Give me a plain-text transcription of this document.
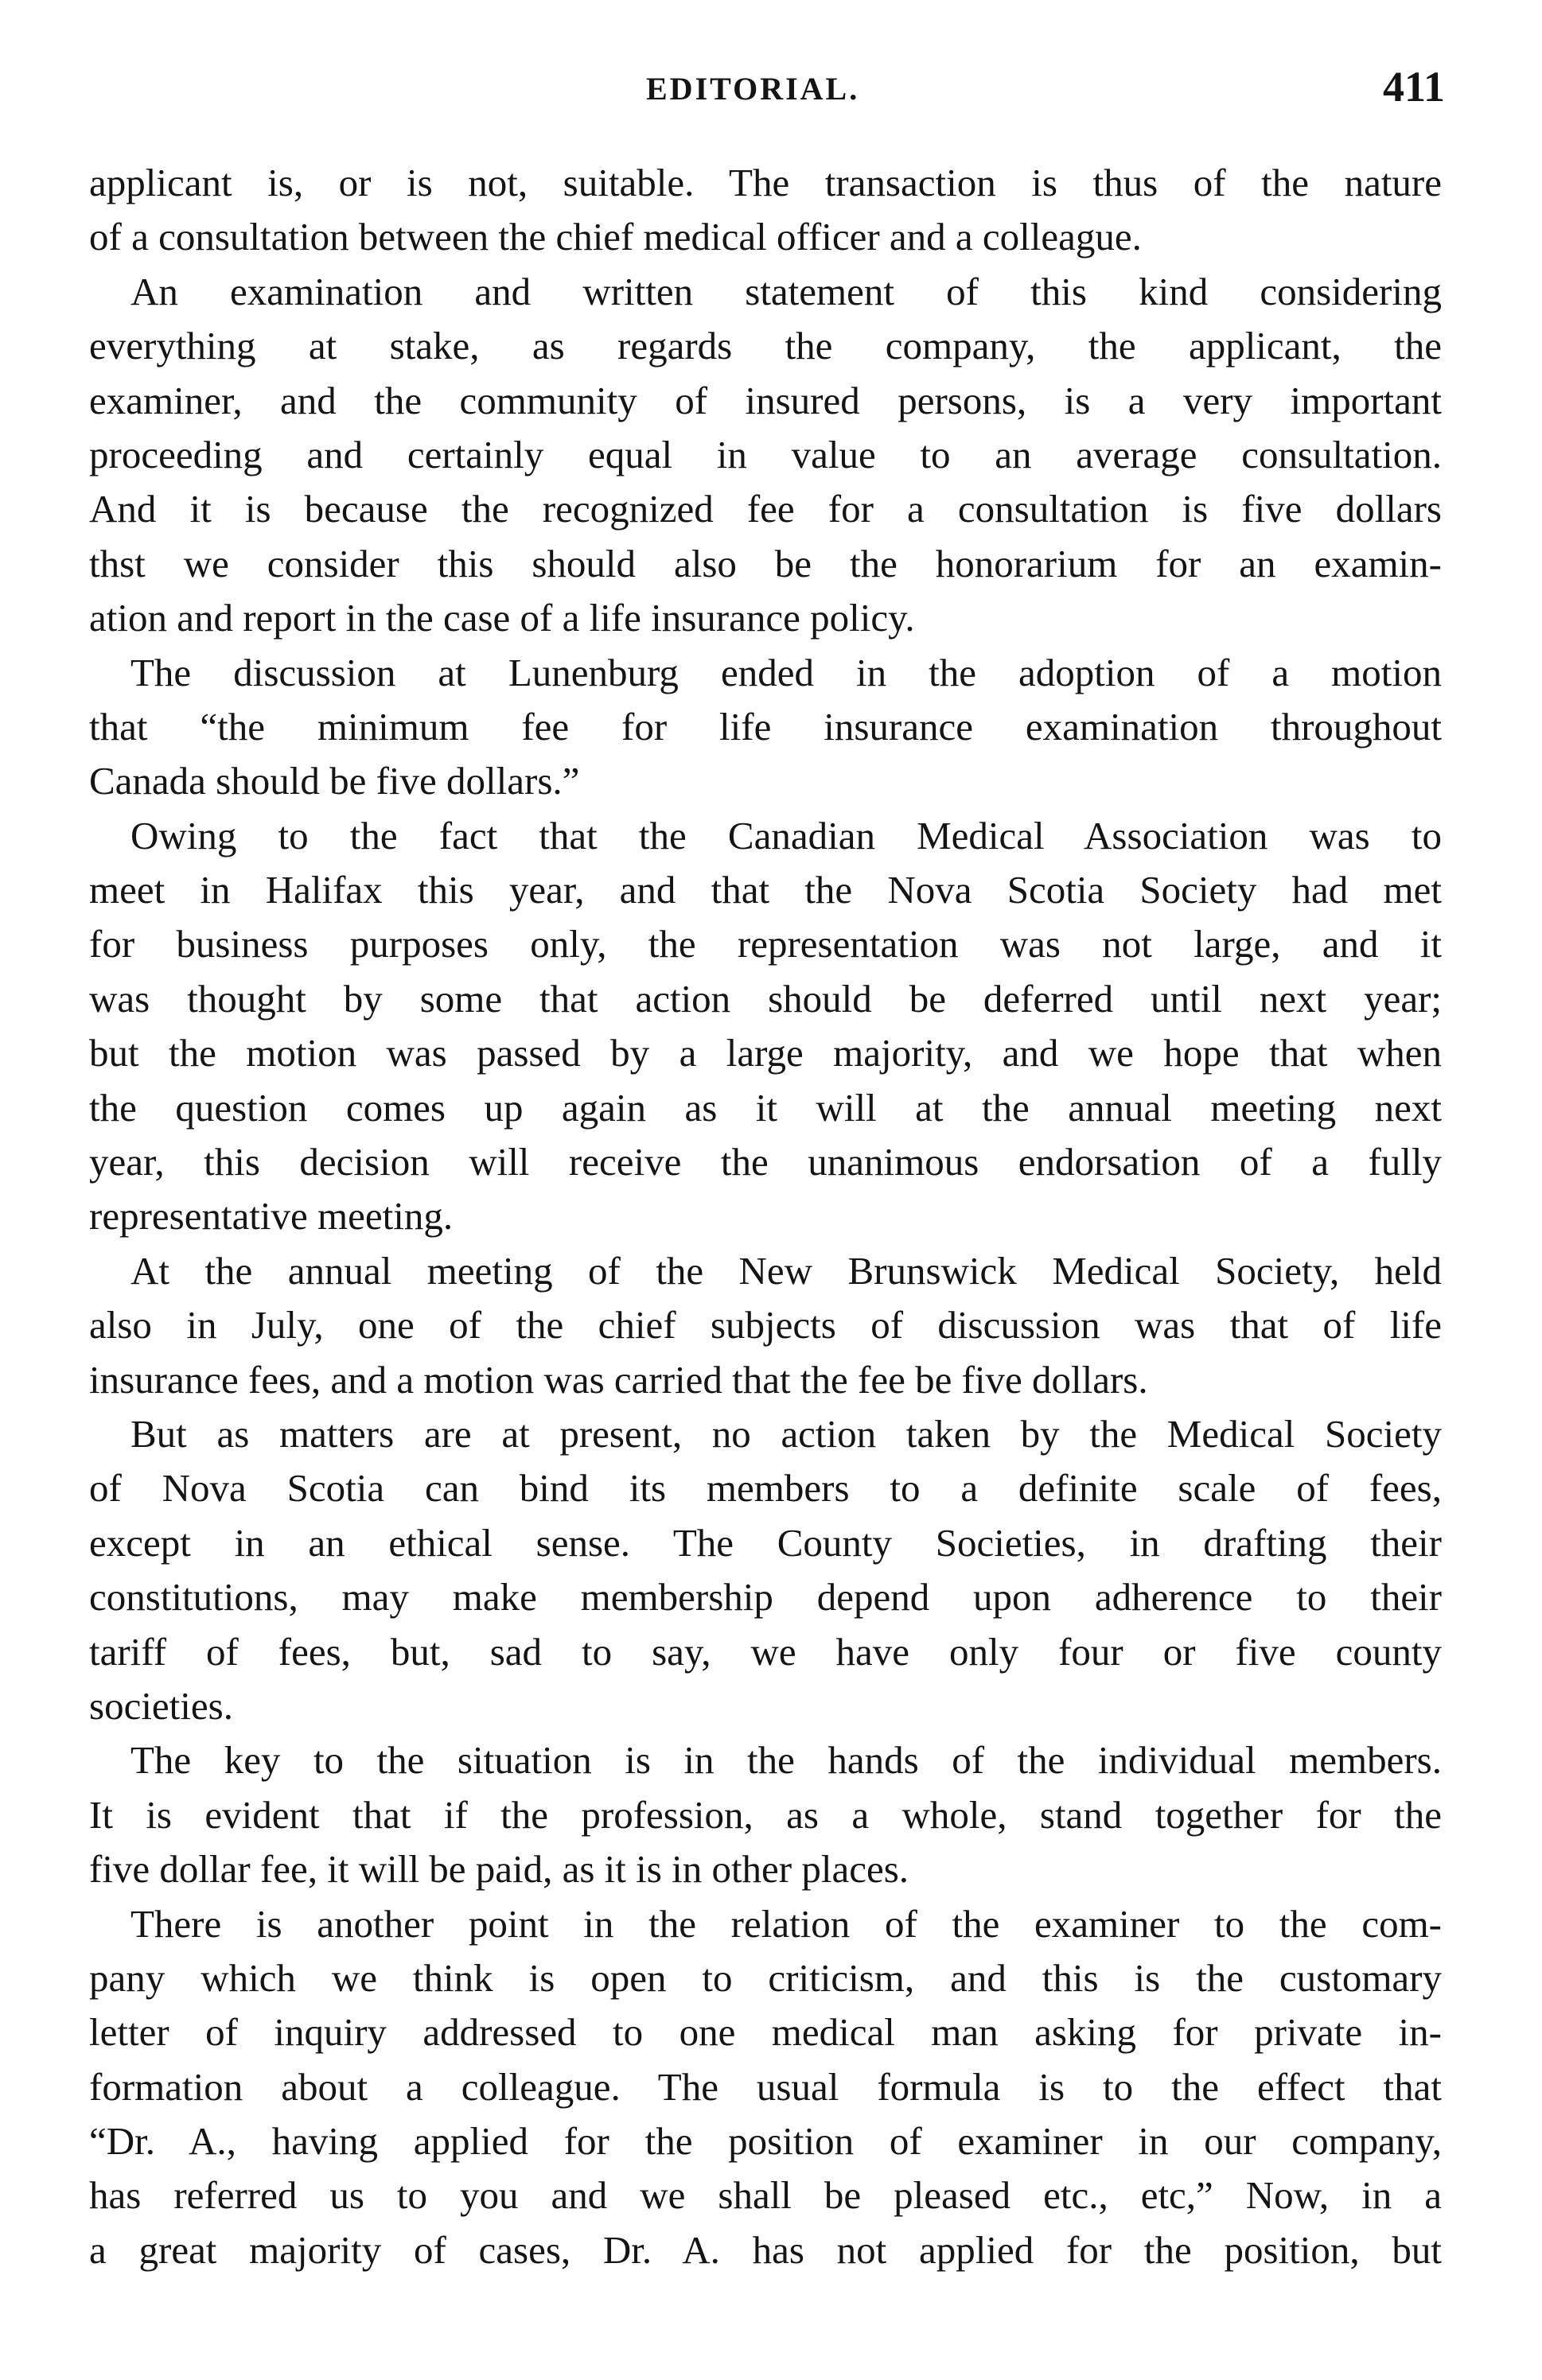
EDITORIAL.	411
applicant is, or is not, suitable. The transaction is thus of the nature
of a consultation between the chief medical officer and a colleague.
An examination and written statement of this kind considering
everything at stake, as regards the company, the applicant, the
examiner, and the community of insured persons, is a very important
proceeding and certainly equal in value to an average consultation.
And it is because the recognized fee for a consultation is five dollars
thst we consider this should also be the honorarium for an examin-
ation and report in the case of a life insurance policy.
The discussion at Lunenburg ended in the adoption of a motion
that “the minimum fee for life insurance examination throughout
Canada should be five dollars.”
Owing to the fact that the Canadian Medical Association was to
meet in Halifax this year, and that the Nova Scotia Society had met
for business purposes only, the representation was not large, and it
was thought by some that action should be deferred until next year;
but the motion was passed by a large majority, and we hope that when
the question comes up again as it will at the annual meeting next
year, this decision will receive the unanimous endorsation of a fully
representative meeting.
At the annual meeting of the New Brunswick Medical Society, held
also in July, one of the chief subjects of discussion was that of life
insurance fees, and a motion was carried that the fee be five dollars.
But as matters are at present, no action taken by the Medical Society
of Nova Scotia can bind its members to a definite scale of fees,
except in an ethical sense. The County Societies, in drafting their
constitutions, may make membership depend upon adherence to their
tariff of fees, but, sad to say, we have only four or five county
societies.
The key to the situation is in the hands of the individual members.
It is evident that if the profession, as a whole, stand together for the
five dollar fee, it will be paid, as it is in other places.
There is another point in the relation of the examiner to the com-
pany which we think is open to criticism, and this is the customary
letter of inquiry addressed to one medical man asking for private in-
formation about a colleague. The usual formula is to the effect that
“Dr. A., having applied for the position of examiner in our company,
has referred us to you and we shall be pleased etc., etc,” Now, in a
a great majority of cases, Dr. A. has not applied for the position, but
